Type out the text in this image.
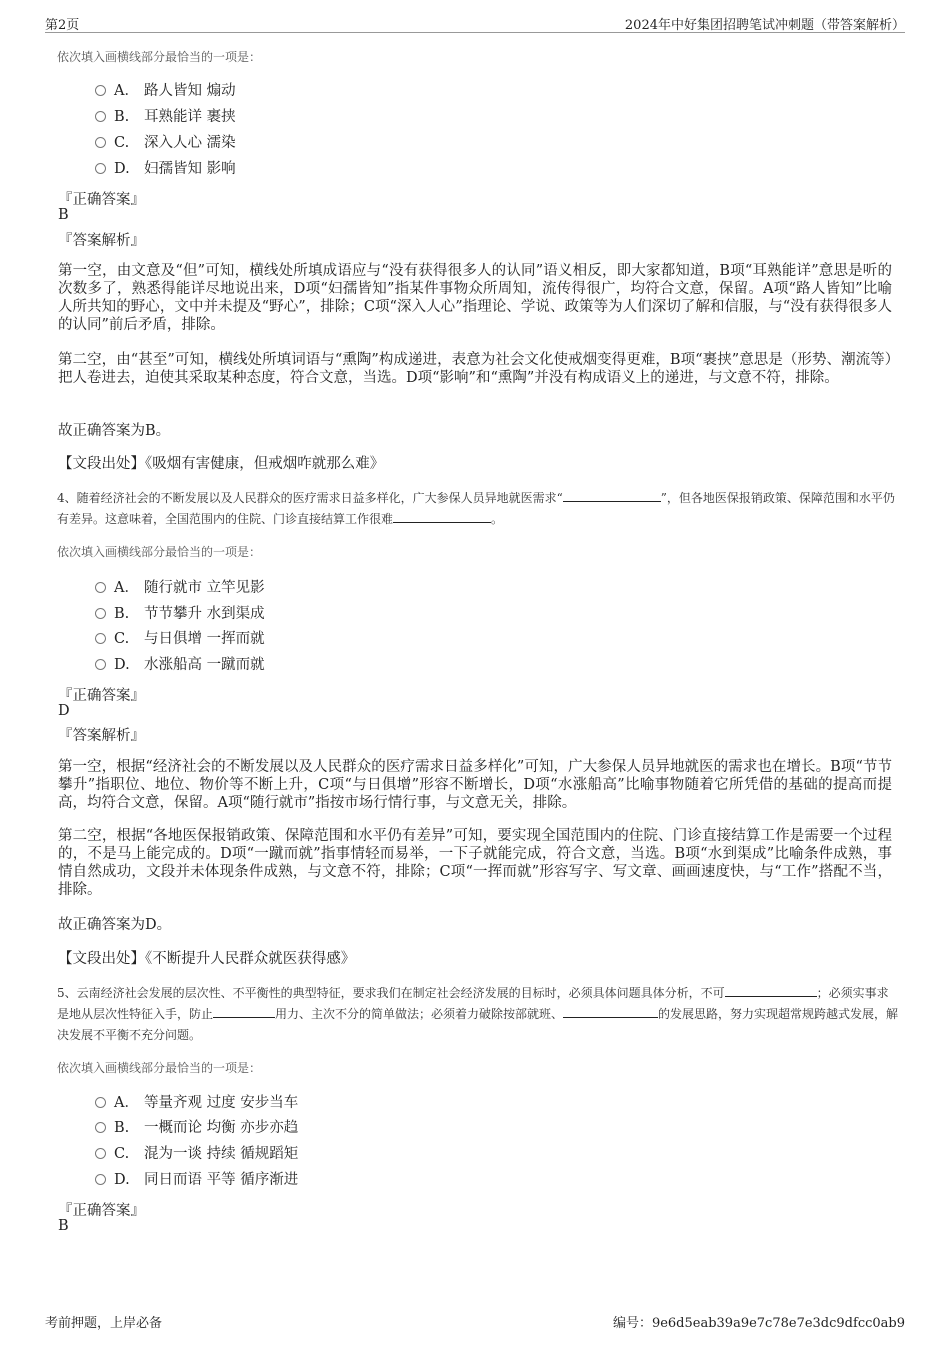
第2页	2024年中好集团招聘笔试冲刺题（带答案解析）
依次填入画横线部分最恰当的一项是：
A． 路人皆知 煽动
B. 耳熟能详 裹挟
C. 深入人心 濡染
D. 妇孺皆知 影响
『正确答案』
B
『答案解析』
第一空，由文意及“但”可知，横线处所填成语应与“没有获得很多人的认同”语义相反，即大家都知道，B项“耳熟能详”意思是听的次数多了，熟悉得能详尽地说出来，D项“妇孺皆知”指某件事物众所周知，流传得很广，均符合文意，保留。A项“路人皆知”比喻人所共知的野心，文中并未提及“野心”，排除；C项“深入人心”指理论、学说、政策等为人们深切了解和信服，与“没有获得很多人的认同”前后矛盾，排除。
第二空，由“甚至”可知，横线处所填词语与“熏陶”构成递进，表意为社会文化使戒烟变得更难，B项“裹挟”意思是（形势、潮流等）把人卷进去，迫使其采取某种态度，符合文意，当选。D项“影响”和“熏陶”并没有构成语义上的递进，与文意不符，排除。
故正确答案为B。
【文段出处】《吸烟有害健康，但戒烟咋就那么难》
4、随着经济社会的不断发展以及人民群众的医疗需求日益多样化，广大参保人员异地就医需求“	”，但各地医保报销政策、保障范围和水平仍有差异。这意味着，全国范围内的住院、门诊直接结算工作很难	。
依次填入画横线部分最恰当的一项是：
A． 随行就市 立竿见影
B. 节节攀升 水到渠成
C. 与日俱增 一挥而就
D. 水涨船高 一蹴而就
『正确答案』
D
『答案解析』
第一空，根据“经济社会的不断发展以及人民群众的医疗需求日益多样化”可知，广大参保人员异地就医的需求也在增长。B项“节节攀升”指职位、地位、物价等不断上升，C项“与日俱增”形容不断增长，D项“水涨船高”比喻事物随着它所凭借的基础的提高而提高，均符合文意，保留。A项“随行就市”指按市场行情行事，与文意无关，排除。
第二空，根据“各地医保报销政策、保障范围和水平仍有差异”可知，要实现全国范围内的住院、门诊直接结算工作是需要一个过程的，不是马上能完成的。D项“一蹴而就”指事情轻而易举，一下子就能完成，符合文意，当选。B项“水到渠成”比喻条件成熟，事情自然成功，文段并未体现条件成熟，与文意不符，排除；C项“一挥而就”形容写字、写文章、画画速度快，与“工作”搭配不当，排除。
故正确答案为D。
【文段出处】《不断提升人民群众就医获得感》
5、云南经济社会发展的层次性、不平衡性的典型特征，要求我们在制定社会经济发展的目标时，必须具体问题具体分析，不可	；必须实事求是地从层次性特征入手，防止	用力、主次不分的简单做法；必须着力破除按部就班、	的发展思路，努力实现超常规跨越式发展，解决发展不平衡不充分问题。
依次填入画横线部分最恰当的一项是：
A． 等量齐观 过度 安步当车
B. 一概而论 均衡 亦步亦趋
C. 混为一谈 持续 循规蹈矩
D. 同日而语 平等 循序渐进
『正确答案』
B
考前押题，上岸必备	编号：9e6d5eab39a9e7c78e7e3dc9dfcc0ab9
